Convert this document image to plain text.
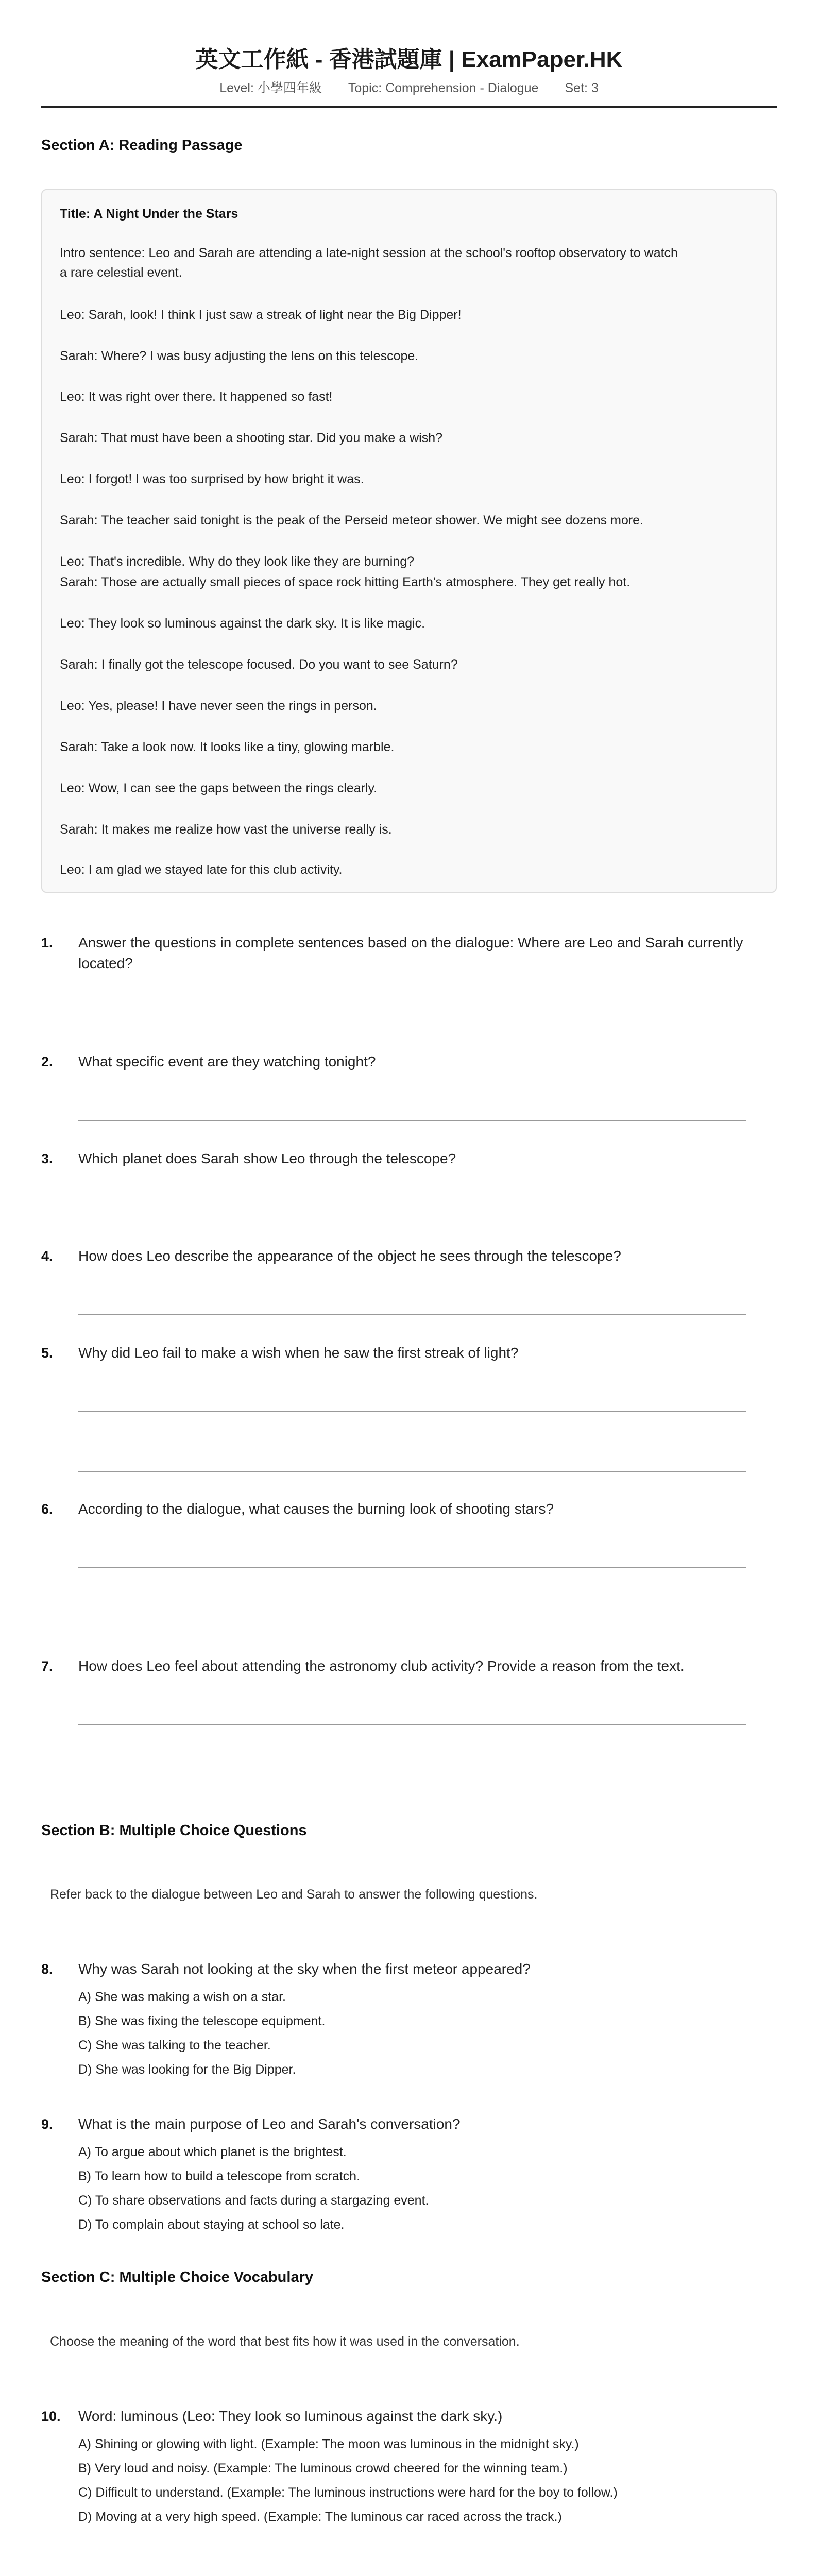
英文工作紙 - 香港試題庫 | ExamPaper.HK
Level: 小學四年級 Topic: Comprehension - Dialogue Set: 3
Section A: Reading Passage
Title: A Night Under the Stars
Intro sentence: Leo and Sarah are attending a late-night session at the school's rooftop observatory to watch
a rare celestial event.
Leo: Sarah, look! I think I just saw a streak of light near the Big Dipper!
Sarah: Where? I was busy adjusting the lens on this telescope.
Leo: It was right over there. It happened so fast!
Sarah: That must have been a shooting star. Did you make a wish?
Leo: I forgot! I was too surprised by how bright it was.
Sarah: The teacher said tonight is the peak of the Perseid meteor shower. We might see dozens more.
Leo: That's incredible. Why do they look like they are burning?
Sarah: Those are actually small pieces of space rock hitting Earth's atmosphere. They get really hot.
Leo: They look so luminous against the dark sky. It is like magic.
Sarah: I finally got the telescope focused. Do you want to see Saturn?
Leo: Yes, please! I have never seen the rings in person.
Sarah: Take a look now. It looks like a tiny, glowing marble.
Leo: Wow, I can see the gaps between the rings clearly.
Sarah: It makes me realize how vast the universe really is.
Leo: I am glad we stayed late for this club activity.
1. Answer the questions in complete sentences based on the dialogue: Where are Leo and Sarah currently located?
2. What specific event are they watching tonight?
3. Which planet does Sarah show Leo through the telescope?
4. How does Leo describe the appearance of the object he sees through the telescope?
5. Why did Leo fail to make a wish when he saw the first streak of light?
6. According to the dialogue, what causes the burning look of shooting stars?
7. How does Leo feel about attending the astronomy club activity? Provide a reason from the text.
Section B: Multiple Choice Questions
Refer back to the dialogue between Leo and Sarah to answer the following questions.
8. Why was Sarah not looking at the sky when the first meteor appeared?
A) She was making a wish on a star.
B) She was fixing the telescope equipment.
C) She was talking to the teacher.
D) She was looking for the Big Dipper.
9. What is the main purpose of Leo and Sarah's conversation?
A) To argue about which planet is the brightest.
B) To learn how to build a telescope from scratch.
C) To share observations and facts during a stargazing event.
D) To complain about staying at school so late.
Section C: Multiple Choice Vocabulary
Choose the meaning of the word that best fits how it was used in the conversation.
10. Word: luminous (Leo: They look so luminous against the dark sky.)
A) Shining or glowing with light. (Example: The moon was luminous in the midnight sky.)
B) Very loud and noisy. (Example: The luminous crowd cheered for the winning team.)
C) Difficult to understand. (Example: The luminous instructions were hard for the boy to follow.)
D) Moving at a very high speed. (Example: The luminous car raced across the track.)
